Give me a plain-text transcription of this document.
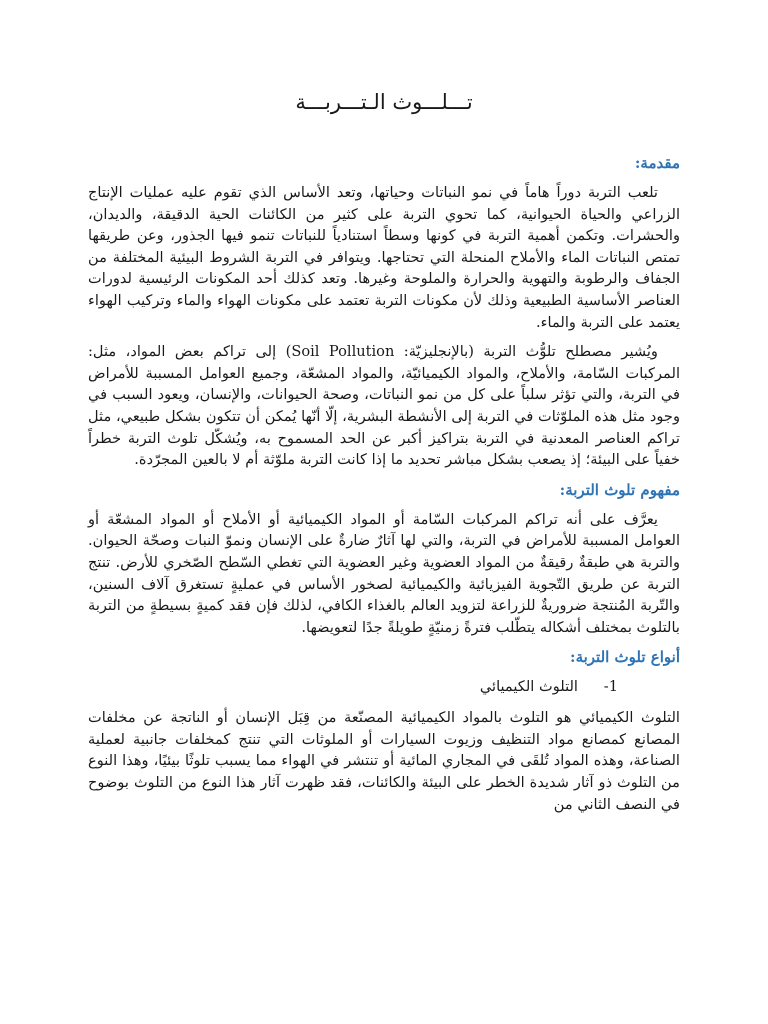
تـــلـــوث الـتـــربـــة
مقدمة:

تلعب التربة دوراً هاماً في نمو النباتات وحياتها، وتعد الأساس الذي تقوم عليه عمليات الإنتاج الزراعي والحياة الحيوانية، كما تحوي التربة على كثير من الكائنات الحية الدقيقة، والديدان، والحشرات. وتكمن أهمية التربة في كونها وسطاً استنادياً للنباتات تنمو فيها الجذور، وعن طريقها تمتص النباتات الماء والأملاح المنحلة التي تحتاجها. ويتوافر في التربة الشروط البيئية المختلفة من الجفاف والرطوبة والتهوية والحرارة والملوحة وغيرها. وتعد كذلك أحد المكونات الرئيسية لدورات العناصر الأساسية الطبيعية وذلك لأن مكونات التربة تعتمد على مكونات الهواء والماء وتركيب الهواء يعتمد على التربة والماء.

ويُشير مصطلح تلوُّث التربة (بالإنجليزيّة: Soil Pollution) إلى تراكم بعض المواد، مثل: المركبات السّامة، والأملاح، والمواد الكيميائيّة، والمواد المشعّة، وجميع العوامل المسببة للأمراض في التربة، والتي تؤثر سلباً على كل من نمو النباتات، وصحة الحيوانات، والإنسان، ويعود السبب في وجود مثل هذه الملوّثات في التربة إلى الأنشطة البشرية، إلّا أنّها يُمكن أن تتكون بشكل طبيعي، مثل تراكم العناصر المعدنية في التربة بتراكيز أكبر عن الحد المسموح به، ويُشكّل تلوث التربة خطراً خفياً على البيئة؛ إذ يصعب بشكل مباشر تحديد ما إذا كانت التربة ملوّثة أم لا بالعين المجرّدة.

مفهوم تلوث التربة:

يعرَّف على أنه تراكم المركبات السّامة أو المواد الكيميائية أو الأملاح أو المواد المشعّة أو العوامل المسببة للأمراض في التربة، والتي لها آثارٌ ضارةٌ على الإنسان ونموّ النبات وصحّة الحيوان. والتربة هي طبقةٌ رقيقةٌ من المواد العضوية وغير العضوية التي تغطي السّطح الصّخري للأرض. تنتج التربة عن طريق التّجوية الفيزيائية والكيميائية لصخور الأساس في عمليةٍ تستغرق آلاف السنين، والتّربة المُنتجة ضروريةٌ للزراعة لتزويد العالم بالغذاء الكافي، لذلك فإن فقد كميةٍ بسيطةٍ من التربة بالتلوث بمختلف أشكاله يتطّلب فترةً زمنيّةٍ طويلةً جدًا لتعويضها.

أنواع تلوث التربة:
1-
التلوث الكيميائي

التلوث الكيميائي هو التلوث بالمواد الكيميائية المصنّعة من قِبَل الإنسان أو الناتجة عن مخلفات المصانع كمصانع مواد التنظيف وزيوت السيارات أو الملوثات التي تنتج كمخلفات جانبية لعملية الصناعة، وهذه المواد تُلقَى في المجاري المائية أو تنتشر في الهواء مما يسبب تلوثًا بيئيًا، وهذا النوع من التلوث ذو آثار شديدة الخطر على البيئة والكائنات، فقد ظهرت آثار هذا النوع من التلوث بوضوح في النصف الثاني من
